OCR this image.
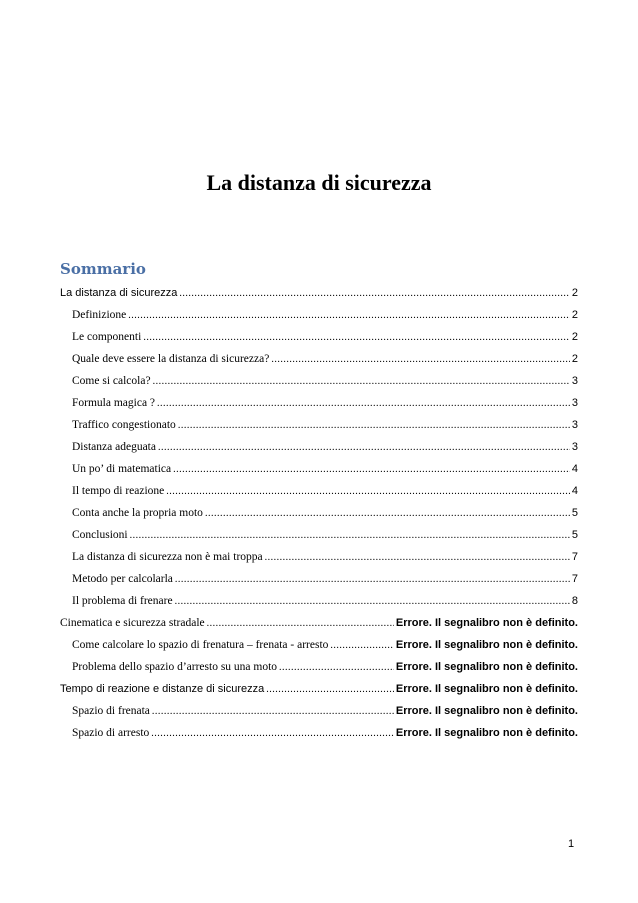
La distanza di sicurezza
Sommario
La distanza di sicurezza .....	2
Definizione .....	2
Le componenti .....	2
Quale deve essere la distanza di sicurezza? .....	2
Come si calcola? .....	3
Formula magica ? .....	3
Traffico congestionato .....	3
Distanza adeguata .....	3
Un po’ di matematica .....	4
Il tempo di reazione .....	4
Conta anche la propria moto .....	5
Conclusioni .....	5
La distanza di sicurezza non è mai troppa .....	7
Metodo per calcolarla .....	7
Il problema di frenare .....	8
Cinematica e sicurezza stradale .....	Errore. Il segnalibro non è definito.
Come calcolare lo spazio di frenatura – frenata - arresto .....	Errore. Il segnalibro non è definito.
Problema dello spazio d’arresto su una moto .....	Errore. Il segnalibro non è definito.
Tempo di reazione e distanze di sicurezza .....	Errore. Il segnalibro non è definito.
Spazio di frenata .....	Errore. Il segnalibro non è definito.
Spazio di arresto .....	Errore. Il segnalibro non è definito.
1
